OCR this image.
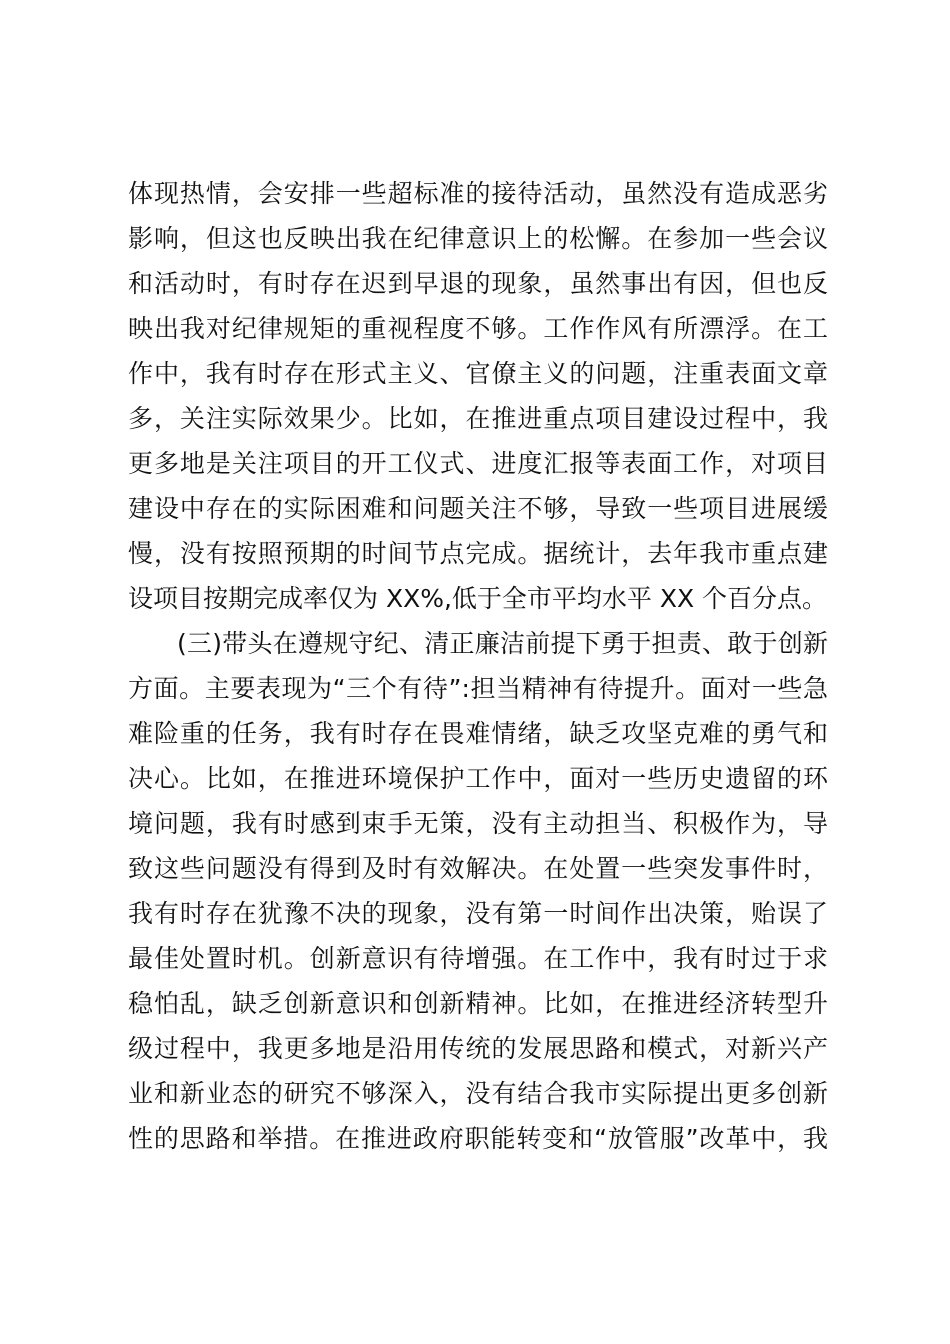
体现热情，会安排一些超标准的接待活动，虽然没有造成恶劣
影响，但这也反映出我在纪律意识上的松懈。在参加一些会议
和活动时，有时存在迟到早退的现象，虽然事出有因，但也反
映出我对纪律规矩的重视程度不够。工作作风有所漂浮。在工
作中，我有时存在形式主义、官僚主义的问题，注重表面文章
多，关注实际效果少。比如，在推进重点项目建设过程中，我
更多地是关注项目的开工仪式、进度汇报等表面工作，对项目
建设中存在的实际困难和问题关注不够，导致一些项目进展缓
慢，没有按照预期的时间节点完成。据统计，去年我市重点建
设项目按期完成率仅为 XX%,低于全市平均水平 XX 个百分点。
(三)带头在遵规守纪、清正廉洁前提下勇于担责、敢于创新
方面。主要表现为“三个有待”:担当精神有待提升。面对一些急
难险重的任务，我有时存在畏难情绪，缺乏攻坚克难的勇气和
决心。比如，在推进环境保护工作中，面对一些历史遗留的环
境问题，我有时感到束手无策，没有主动担当、积极作为，导
致这些问题没有得到及时有效解决。在处置一些突发事件时，
我有时存在犹豫不决的现象，没有第一时间作出决策，贻误了
最佳处置时机。创新意识有待增强。在工作中，我有时过于求
稳怕乱，缺乏创新意识和创新精神。比如，在推进经济转型升
级过程中，我更多地是沿用传统的发展思路和模式，对新兴产
业和新业态的研究不够深入，没有结合我市实际提出更多创新
性的思路和举措。在推进政府职能转变和“放管服”改革中，我
